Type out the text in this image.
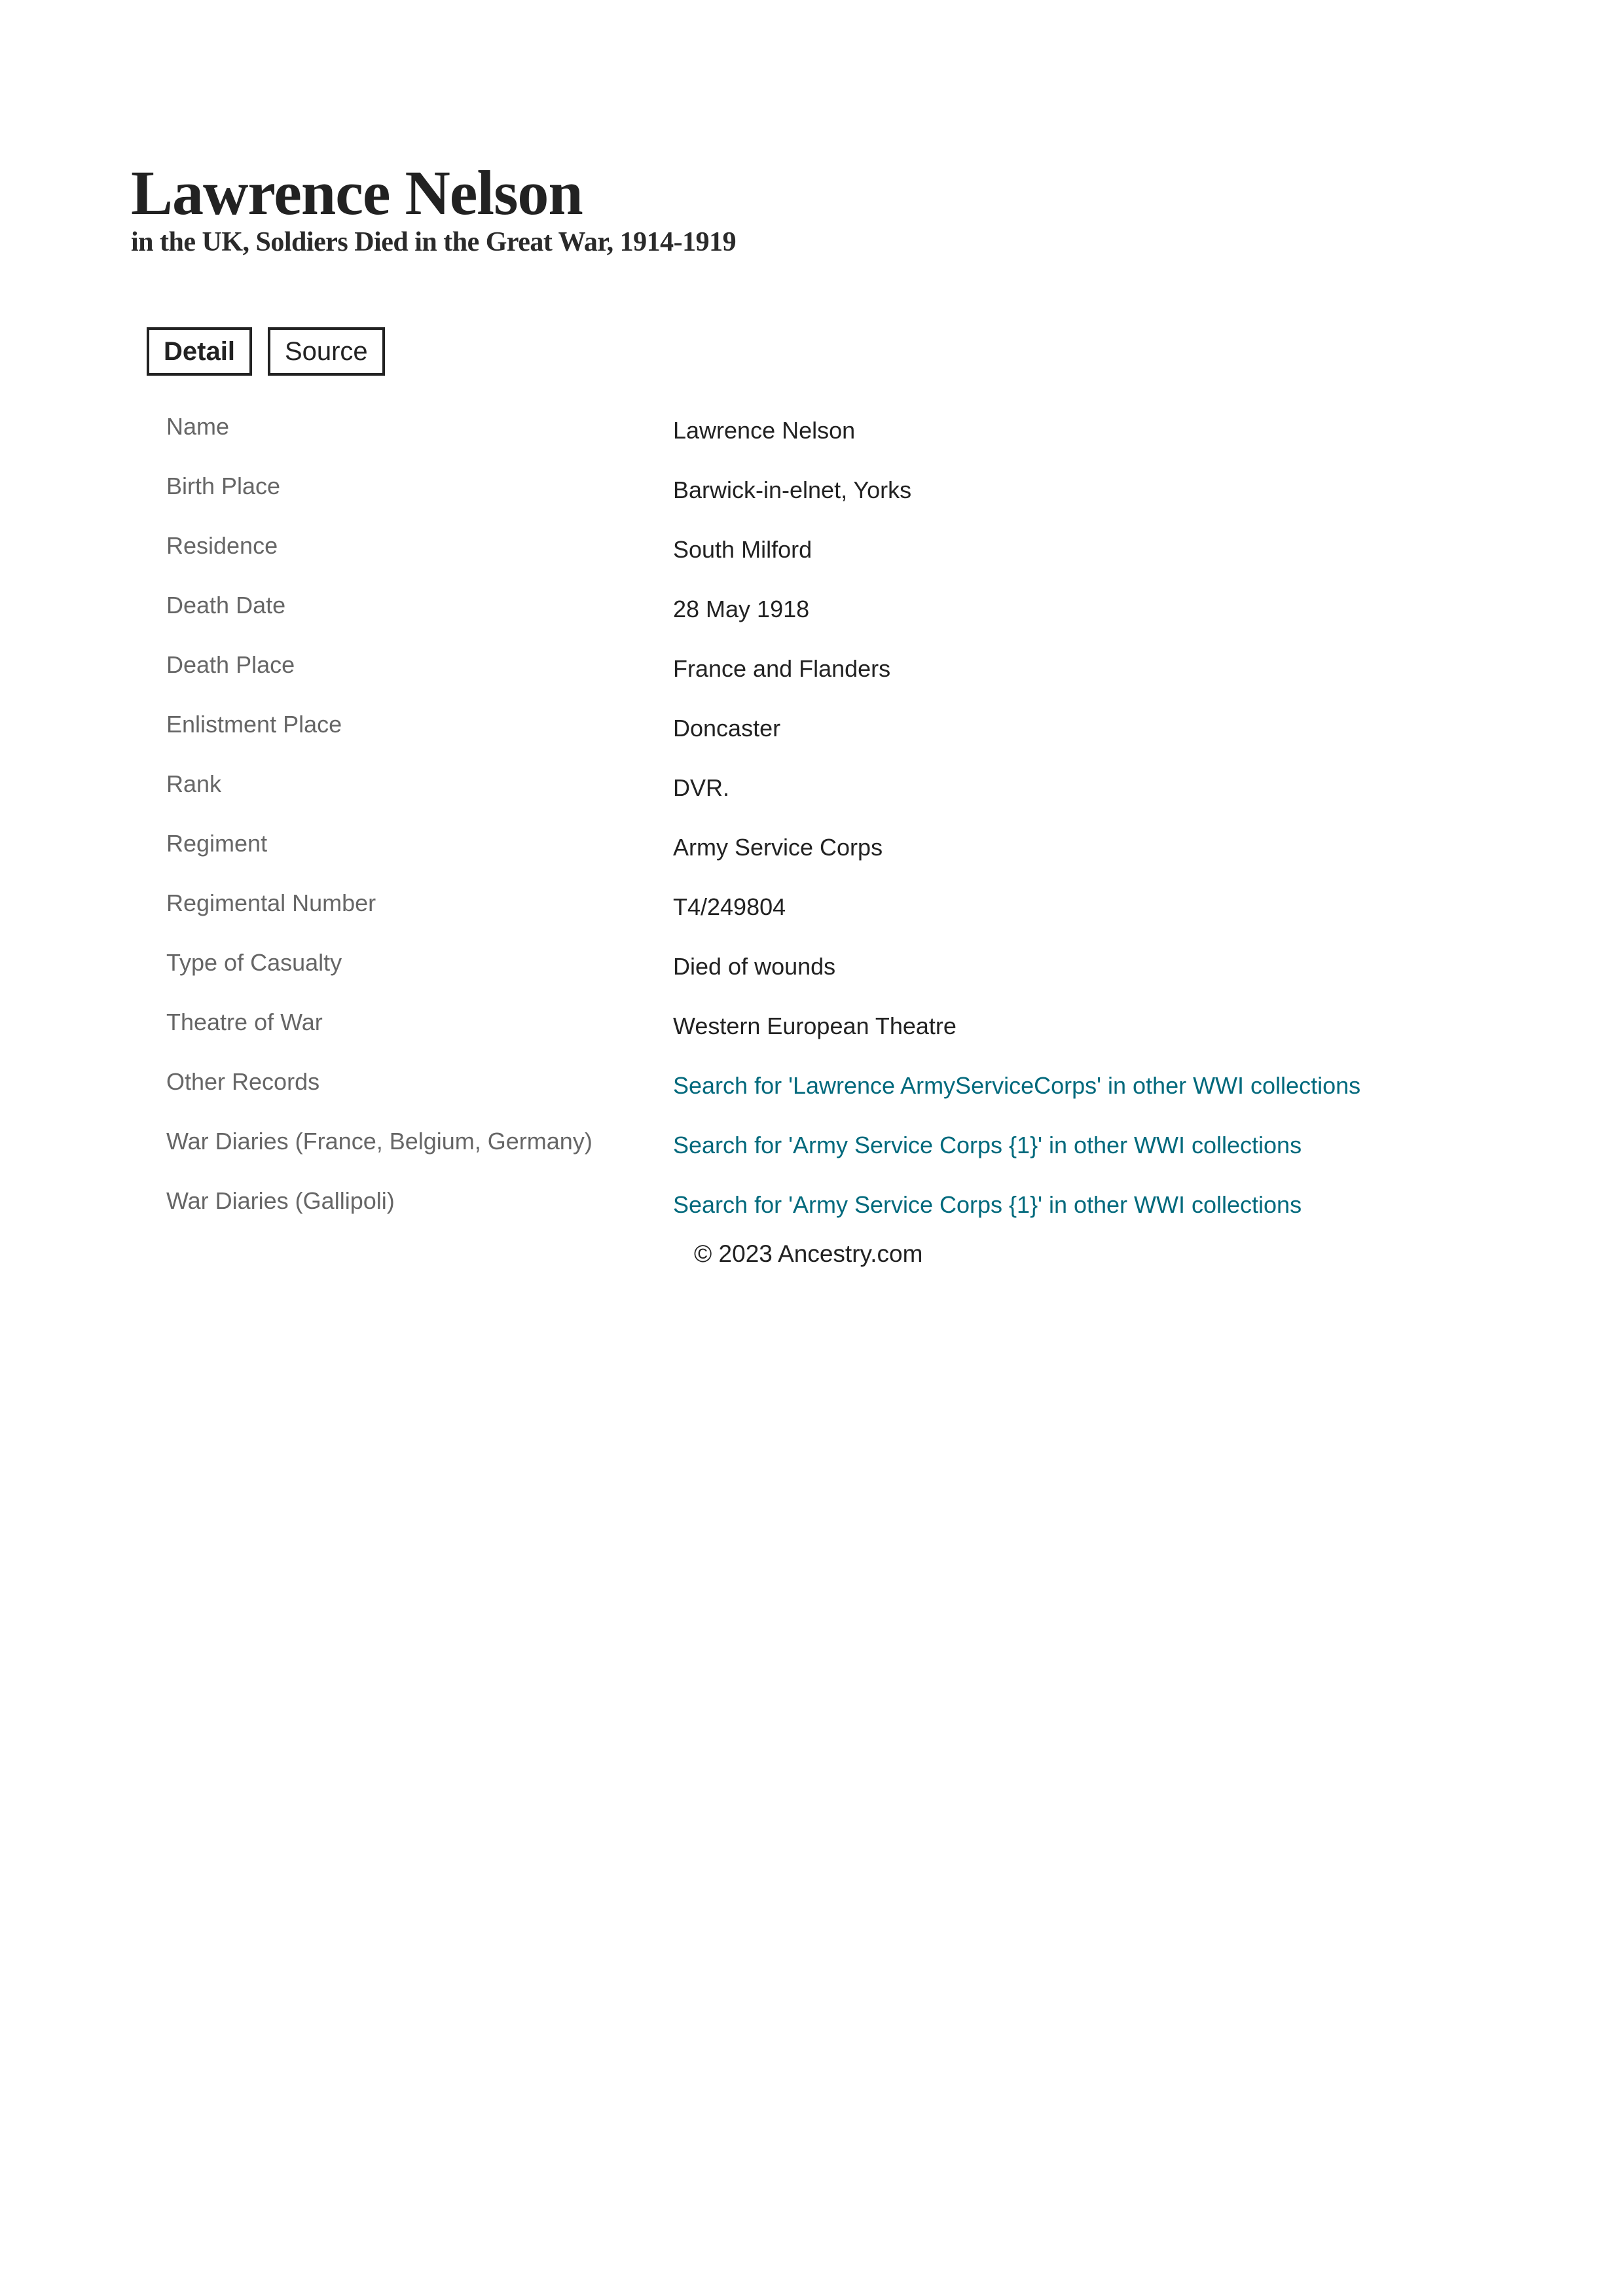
Lawrence Nelson
in the UK, Soldiers Died in the Great War, 1914-1919
Detail	Source
Name	Lawrence Nelson
Birth Place	Barwick-in-elnet, Yorks
Residence	South Milford
Death Date	28 May 1918
Death Place	France and Flanders
Enlistment Place	Doncaster
Rank	DVR.
Regiment	Army Service Corps
Regimental Number	T4/249804
Type of Casualty	Died of wounds
Theatre of War	Western European Theatre
Other Records	Search for 'Lawrence ArmyServiceCorps' in other WWI collections
War Diaries (France, Belgium, Germany)	Search for 'Army Service Corps {1}' in other WWI collections
War Diaries (Gallipoli)	Search for 'Army Service Corps {1}' in other WWI collections
© 2023 Ancestry.com
